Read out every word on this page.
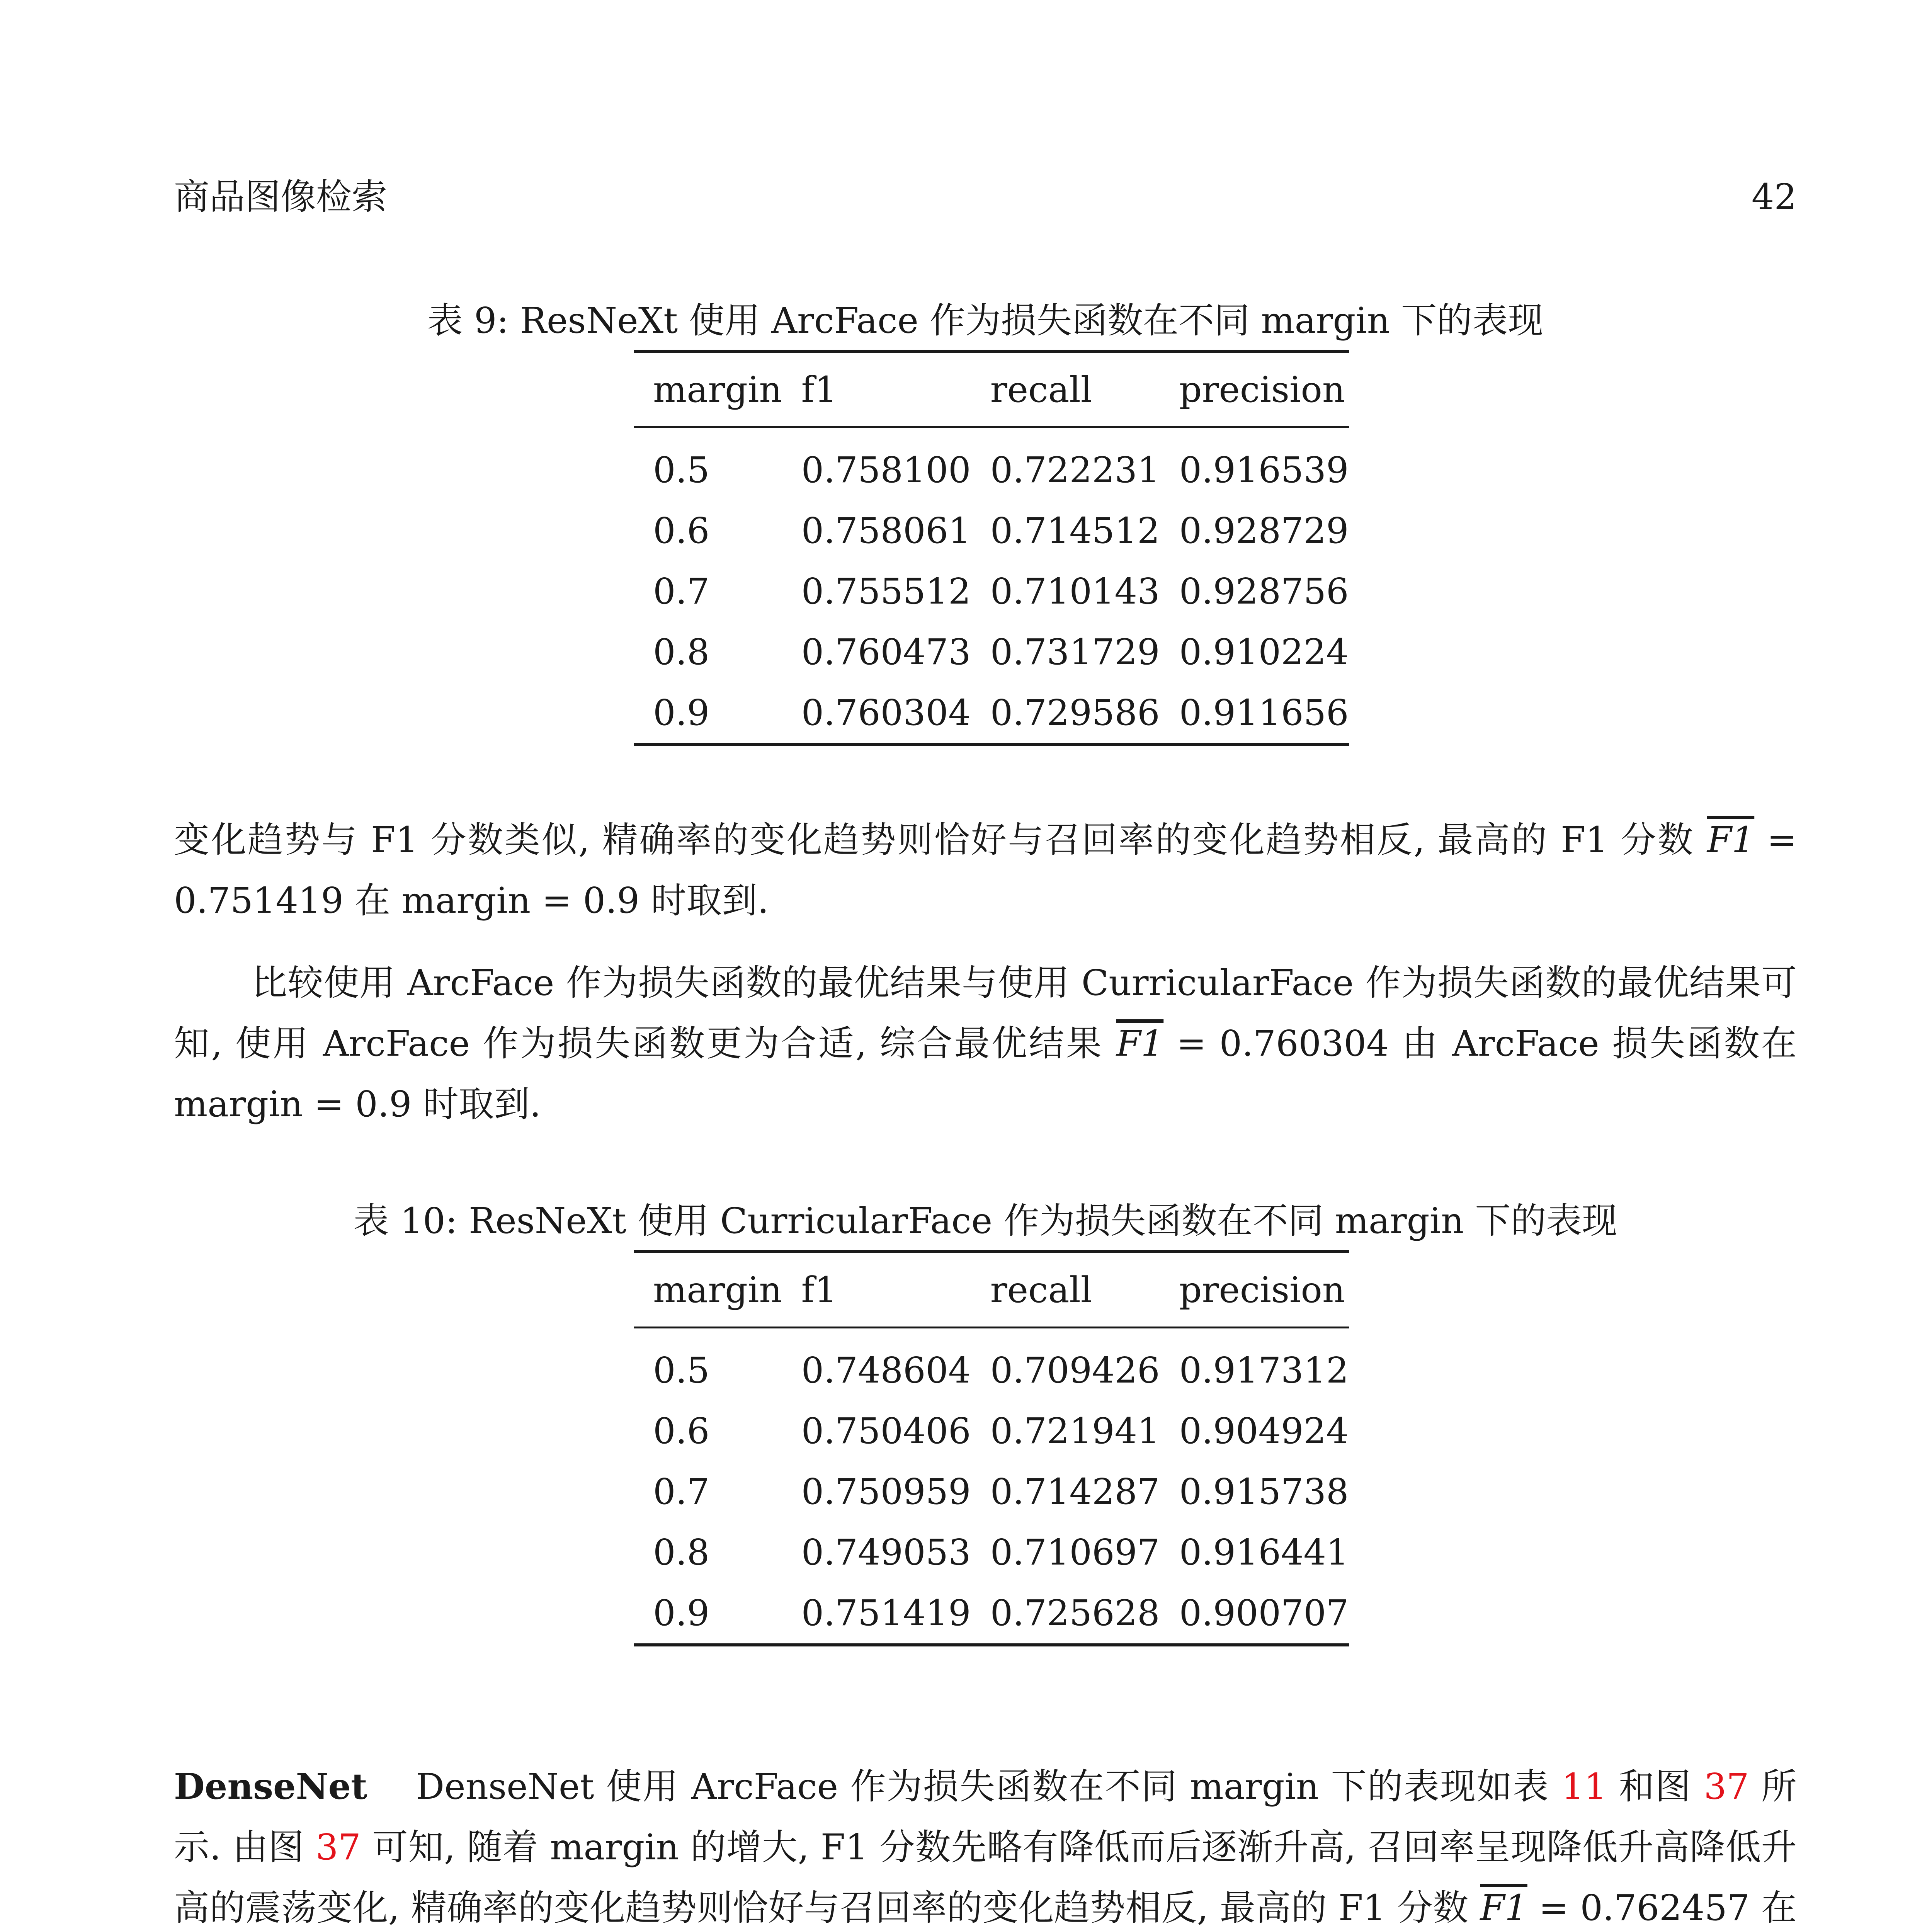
商品图像检索	42
表 9: ResNeXt 使用 ArcFace 作为损失函数在不同 margin 下的表现
margin	f1	recall	precision
0.5	0.758100	0.722231	0.916539
0.6	0.758061	0.714512	0.928729
0.7	0.755512	0.710143	0.928756
0.8	0.760473	0.731729	0.910224
0.9	0.760304	0.729586	0.911656
变化趋势与 F1 分数类似, 精确率的变化趋势则恰好与召回率的变化趋势相反, 最高的 F1 分数 F1 = 0.751419 在 margin = 0.9 时取到.
比较使用 ArcFace 作为损失函数的最优结果与使用 CurricularFace 作为损失函数的最优结果可知, 使用 ArcFace 作为损失函数更为合适, 综合最优结果 F1 = 0.760304 由 ArcFace 损失函数在 margin = 0.9 时取到.
表 10: ResNeXt 使用 CurricularFace 作为损失函数在不同 margin 下的表现
margin	f1	recall	precision
0.5	0.748604	0.709426	0.917312
0.6	0.750406	0.721941	0.904924
0.7	0.750959	0.714287	0.915738
0.8	0.749053	0.710697	0.916441
0.9	0.751419	0.725628	0.900707
DenseNet DenseNet 使用 ArcFace 作为损失函数在不同 margin 下的表现如表 11 和图 37 所示. 由图 37 可知, 随着 margin 的增大, F1 分数先略有降低而后逐渐升高, 召回率呈现降低升高降低升高的震荡变化, 精确率的变化趋势则恰好与召回率的变化趋势相反, 最高的 F1 分数 F1 = 0.762457 在
